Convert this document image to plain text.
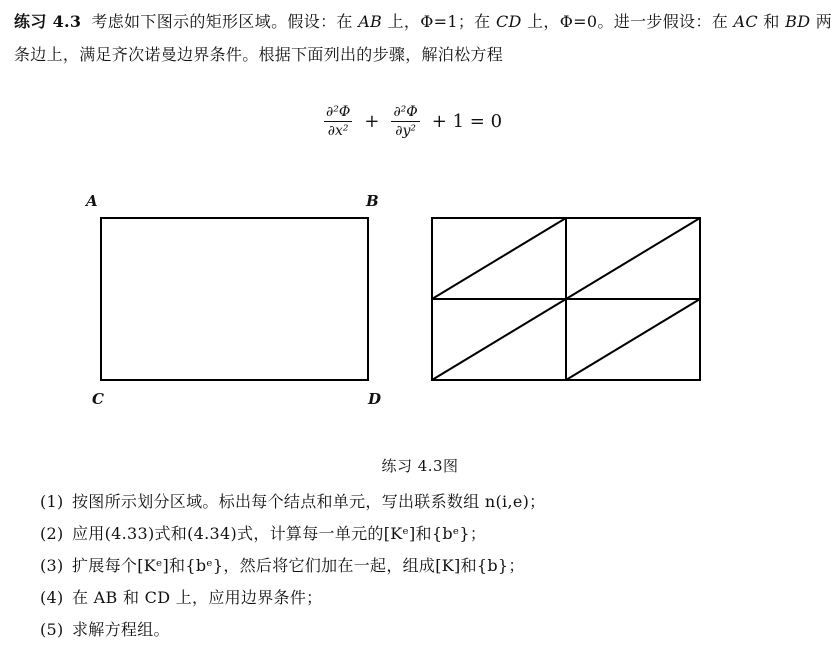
练习 4.3 考虑如下图示的矩形区域。假设：在 AB 上，Φ=1；在 CD 上，Φ=0。进一步假设：在 AC 和 BD 两条边上，满足齐次诺曼边界条件。根据下面列出的步骤，解泊松方程
$\frac{\text{∂²Φ}}{\text{∂x²}} + \frac{\text{∂²Φ}}{\text{∂y²}} + 1 = 0$
A	B
C	D
练习 4.3图
(1) 按图所示划分区域。标出每个结点和单元，写出联系数组 n(i,e)；
(2) 应用(4.33)式和(4.34)式，计算每一单元的[Kᵉ]和{bᵉ}；
(3) 扩展每个[Kᵉ]和{bᵉ}，然后将它们加在一起，组成[K]和{b}；
(4) 在 AB 和 CD 上，应用边界条件；
(5) 求解方程组。
